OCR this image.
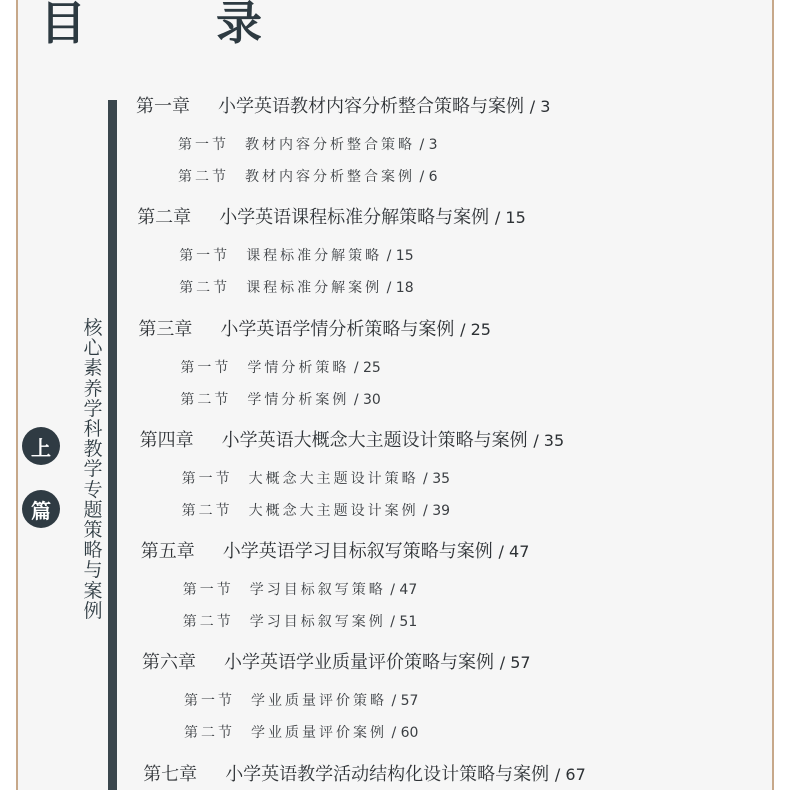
目　录
核心素养学科教学专题策略与案例
上
篇
第一章 小学英语教材内容分析整合策略与案例 / 3
第一节 教材内容分析整合策略 / 3
第二节 教材内容分析整合案例 / 6
第二章 小学英语课程标准分解策略与案例 / 15
第一节 课程标准分解策略 / 15
第二节 课程标准分解案例 / 18
第三章 小学英语学情分析策略与案例 / 25
第一节 学情分析策略 / 25
第二节 学情分析案例 / 30
第四章 小学英语大概念大主题设计策略与案例 / 35
第一节 大概念大主题设计策略 / 35
第二节 大概念大主题设计案例 / 39
第五章 小学英语学习目标叙写策略与案例 / 47
第一节 学习目标叙写策略 / 47
第二节 学习目标叙写案例 / 51
第六章 小学英语学业质量评价策略与案例 / 57
第一节 学业质量评价策略 / 57
第二节 学业质量评价案例 / 60
第七章 小学英语教学活动结构化设计策略与案例 / 67
